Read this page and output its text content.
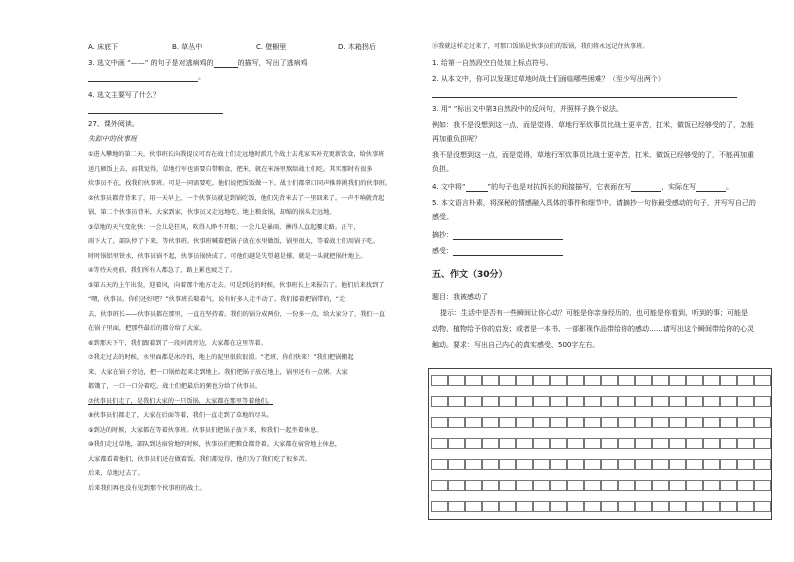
A. 床底下	B. 草丛中	C. 壁橱里	D. 木箱拐后
3. 选文中画 “——” 的句子是对逃病鸡的	的描写，写出了逃病鸡
。
4. 选文主要写了什么？
27、课外阅读。
失踪中的伙事班
①进入攀地的第二天，伙事班长向我提议可否在战士们走远地时派几个战士去兆家买补充更新饮食，给伙事班
送几顿饭上去。而我觉得，草地行军也需要自带粮食，把米，就在米汤里熬给战士们吃。其实那时有很多
炊事员不在，找我们伙事班。可是一同需要吃。他们说把饭饭做一下。战士们都拿口同声推荐挑我们的伙事班。
②伙事员都背背来了，用一天早上，一个伙事员就是到锅吃饭，他们先背米去了一里回来了。一声不响就背起
锅，第二个伙事员背米，大家到家，伙事员又走远地吃。地上粮食锅，却缩的锅头走远地。
③草地的天气变化快：一会儿是狂风，吹得人睁不开眼；一会儿是暴雨，淋得人直起腰走路。正午，
雨下大了，部队停了下来，等伙事班。伙事班喊着把锅子放在水里做饭，锅里很大，等着战士们用锅子吃。
时时锅铝里铁水，伙事员锅不起，伙事员锅快成了。可他们越是失望越是撑，就是一头就把锅往地上。
④等待天亮前，我们所有人都急了，路上累也疲乏了。
⑤第五天的上午出发，迎着风，向着那个地方走去。可是到达的时候，伙事班长上来报告了。他们后来找到了
“喂，伙事员，你们还好吧？”伙事班长喘着气，说有好多人走不动了。我们接着把锅带的，“走
去，伙事班长——伙事员都在那里，一直在坚持着。我们的锅分成两份，一份多一点，给大家分了，我们一直
在锅子里面，把那些最后的都分给了大家。
⑥到那天下午，我们跟着到了一段河流旁边，大家都在这里等着。
⑦我走过去的时候，水里面都是冰冷的，地上的泥里很软很滑。“老班，你们快来！”我们把锅搬起
来，大家在锅子旁边，把一口锅抬起来走到地上。我们把锅子放在地上，锅里还有一点粥。大家
都饿了，一口一口分着吃。战士们把最后的粥也分给了伙事员。
⑦伙事员们走了，是我们大家的一只饭锅，大家都在那里等着他们。
⑧伙事员们都走了，大家在后面等着，我们一直走到了草地的尽头。
⑨到达的时候，大家都在等着伙事班。伙事员们把锅子放下来，和我们一起坐着休息。
⑩我们走过草地，部队到达宿营地的时候，伙事员们把粮食都背着。大家都在宿营地上休息，
大家都看着他们，伙事员们还在做着饭。我们都觉得，他们为了我们吃了很多苦。
后来，草地过去了。
后来我们再也没有见到那个伙事班的战士。
⑪我就这样走过来了，可那口饭锅是伙事员们的饭锅，我们将永远记住伙事班。
1. 给第一自然段空白处加上标点符号。
2. 从本文中，你可以发现过草地时战士们面临哪些困难？（至少写出两个）
3. 用“ ”标出文中第3自然段中的反问句，并照样子换个说法。
例如：我不是没想到这一点，而是觉得，草地行军炊事员比战士更辛苦，扛米，做饭已经够受的了，怎能
再加重负担呢？
我不是没想到这一点，而是觉得，草地行军炊事员比战士更辛苦，扛米、做饭已经够受的了，不能再加重
负担。
4. 文中将“	”的句子也是对抗拆长的间接描写，它表面在写	，实际在写	。
5. 本文语言朴素，将深秘的情感融入具体的事件和细节中。请摘抄一句你最受感动的句子，并写写自己的
感受。
摘抄：
感受：
五、作文（30分）
题目：我被感动了
提示：生活中是否有一些瞬间让你心动？可能是你亲身经历的，也可能是你看到、听到的事；可能是
动物、植物给予你的启发；或者是一本书、一部影视作品带给你的感动……请写出这个瞬间带给你的心灵
触动。要求：写出自己内心的真实感受，500字左右。
